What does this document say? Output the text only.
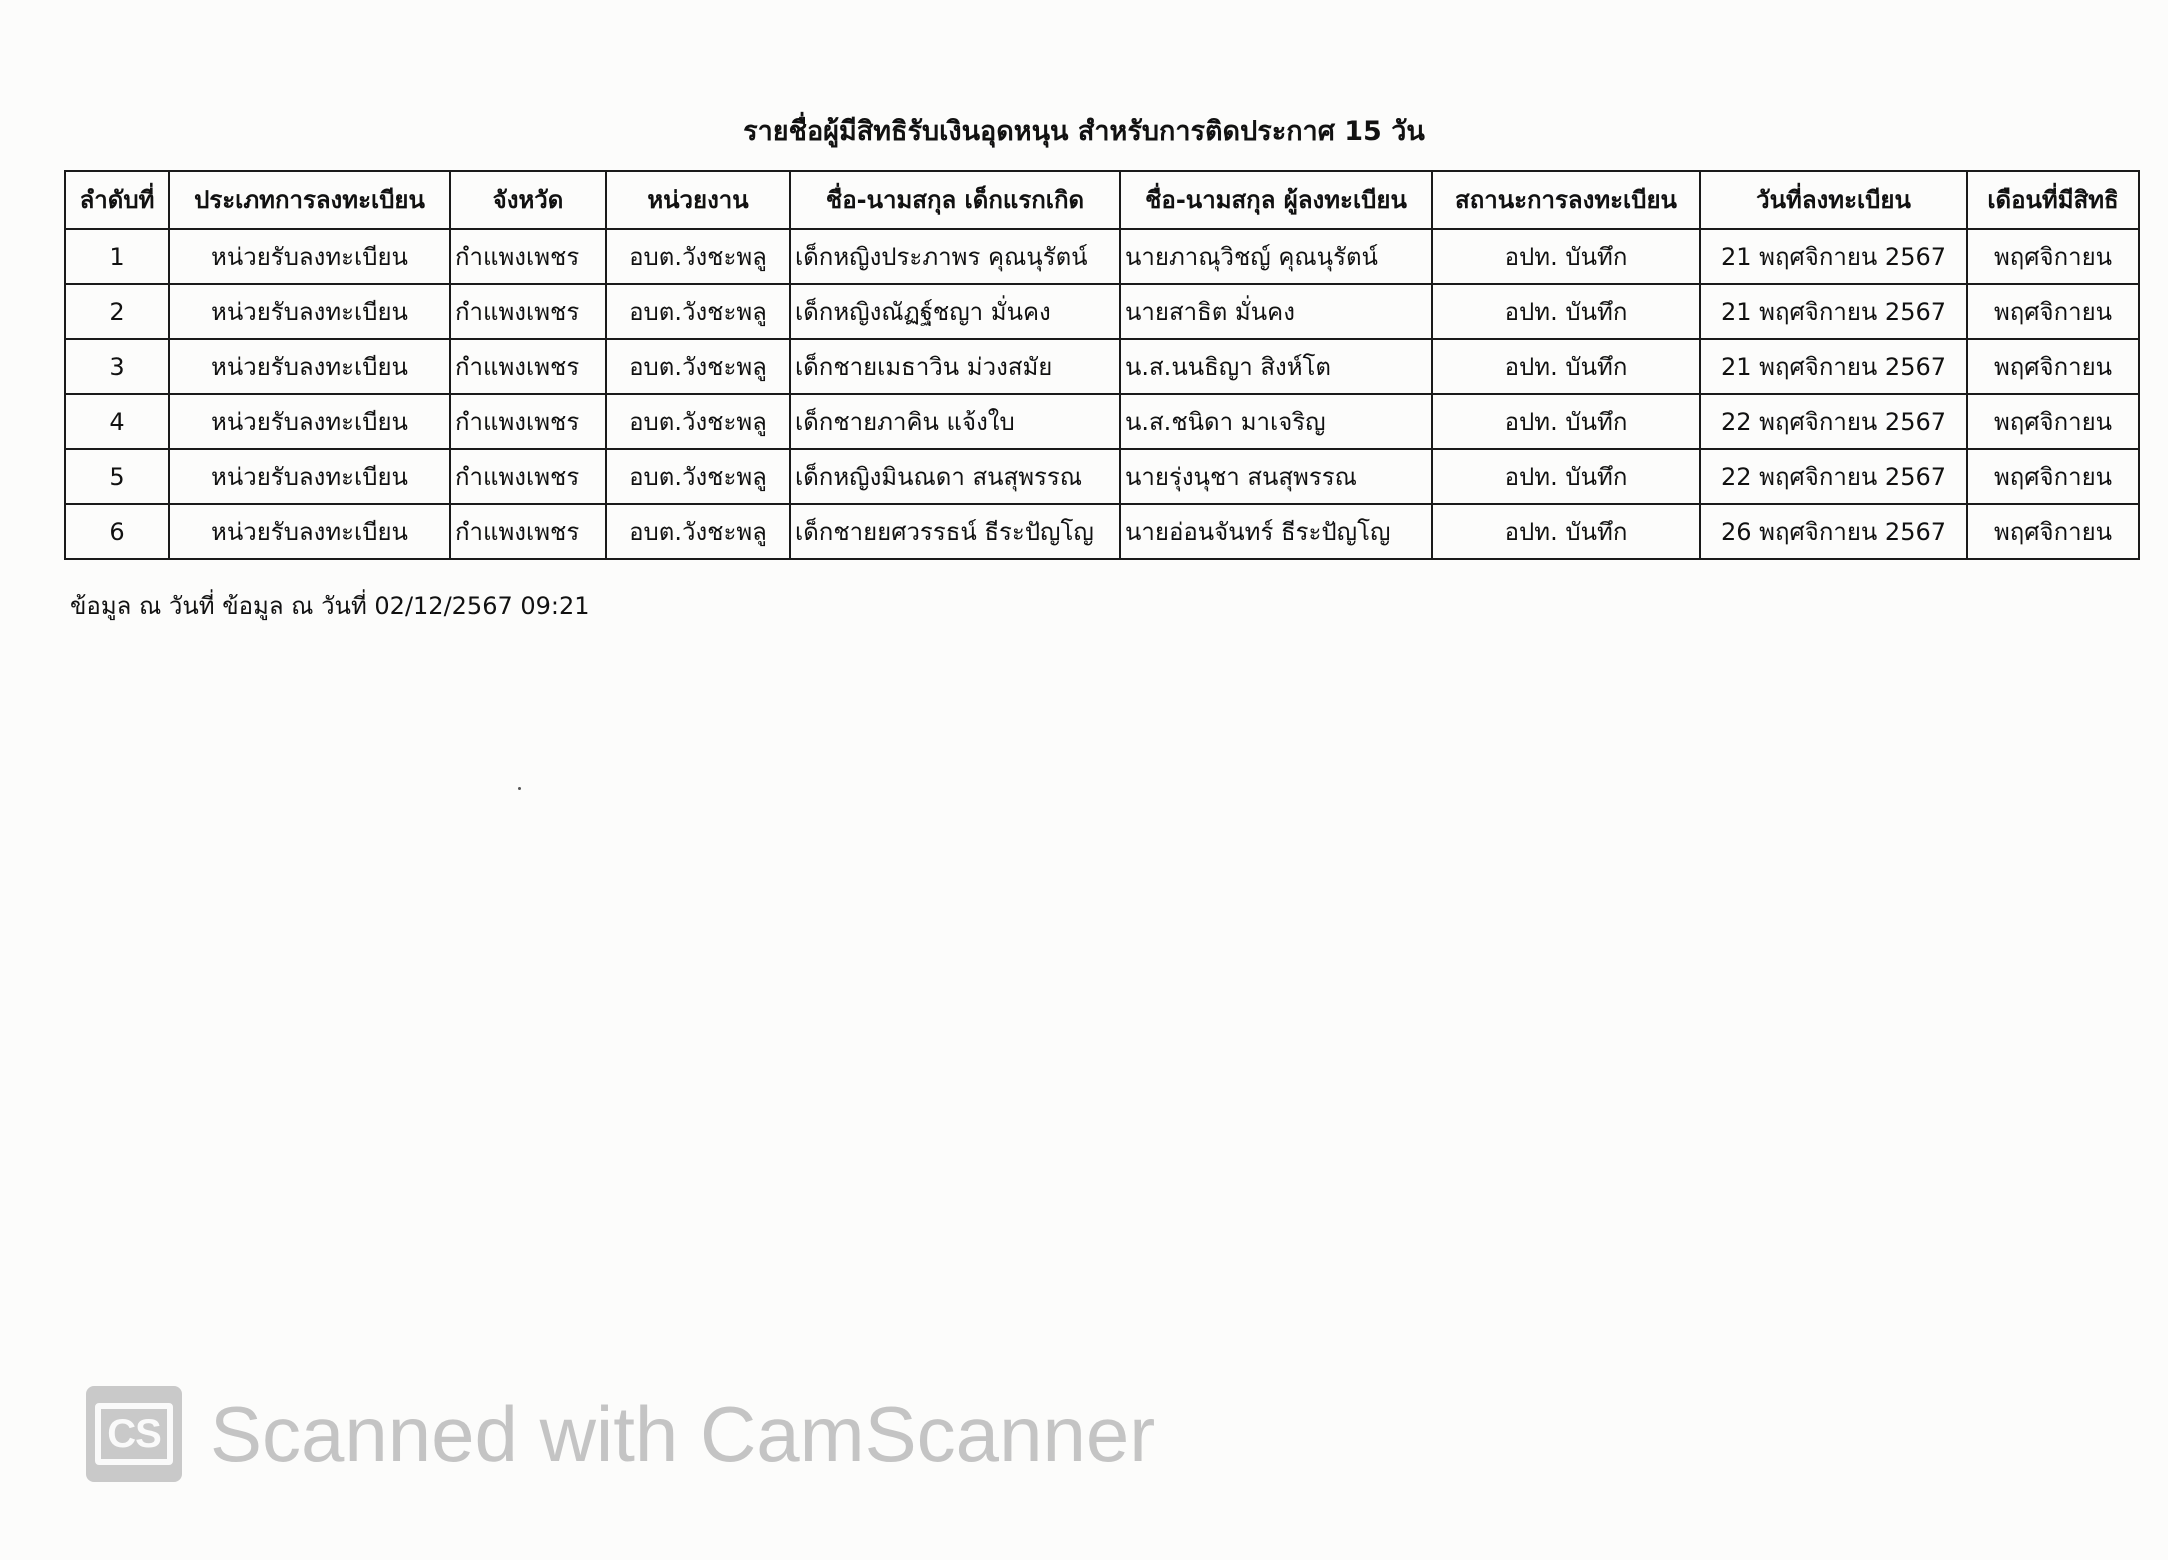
รายชื่อผู้มีสิทธิรับเงินอุดหนุน สำหรับการติดประกาศ 15 วัน
ลำดับที่	ประเภทการลงทะเบียน	จังหวัด	หน่วยงาน	ชื่อ-นามสกุล เด็กแรกเกิด	ชื่อ-นามสกุล ผู้ลงทะเบียน	สถานะการลงทะเบียน	วันที่ลงทะเบียน	เดือนที่มีสิทธิ
1	หน่วยรับลงทะเบียน	กำแพงเพชร	อบต.วังชะพลู	เด็กหญิงประภาพร คุณนุรัตน์	นายภาณุวิชญ์ คุณนุรัตน์	อปท. บันทึก	21 พฤศจิกายน 2567	พฤศจิกายน
2	หน่วยรับลงทะเบียน	กำแพงเพชร	อบต.วังชะพลู	เด็กหญิงณัฏฐ์ชญา มั่นคง	นายสาธิต มั่นคง	อปท. บันทึก	21 พฤศจิกายน 2567	พฤศจิกายน
3	หน่วยรับลงทะเบียน	กำแพงเพชร	อบต.วังชะพลู	เด็กชายเมธาวิน ม่วงสมัย	น.ส.นนธิญา สิงห์โต	อปท. บันทึก	21 พฤศจิกายน 2567	พฤศจิกายน
4	หน่วยรับลงทะเบียน	กำแพงเพชร	อบต.วังชะพลู	เด็กชายภาคิน แจ้งใบ	น.ส.ชนิดา มาเจริญ	อปท. บันทึก	22 พฤศจิกายน 2567	พฤศจิกายน
5	หน่วยรับลงทะเบียน	กำแพงเพชร	อบต.วังชะพลู	เด็กหญิงมินณดา สนสุพรรณ	นายรุ่งนุชา สนสุพรรณ	อปท. บันทึก	22 พฤศจิกายน 2567	พฤศจิกายน
6	หน่วยรับลงทะเบียน	กำแพงเพชร	อบต.วังชะพลู	เด็กชายยศวรรธน์ ธีระปัญโญ	นายอ่อนจันทร์ ธีระปัญโญ	อปท. บันทึก	26 พฤศจิกายน 2567	พฤศจิกายน
ข้อมูล ณ วันที่ ข้อมูล ณ วันที่ 02/12/2567 09:21
CS Scanned with CamScanner
